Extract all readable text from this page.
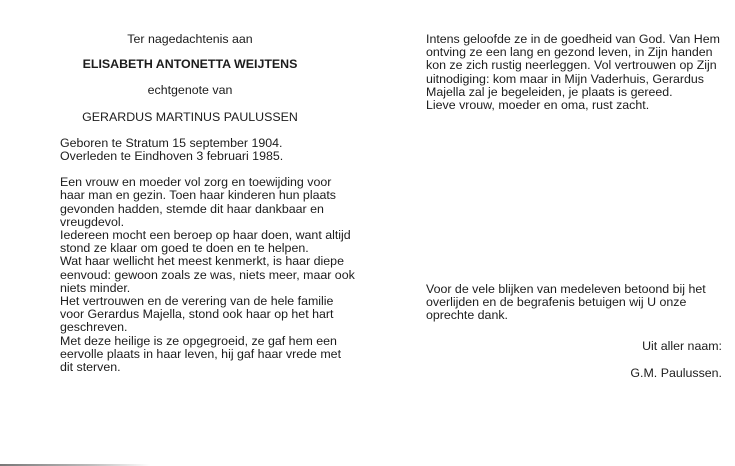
Ter nagedachtenis aan

ELISABETH ANTONETTA WEIJTENS

echtgenote van

GERARDUS MARTINUS PAULUSSEN

Geboren te Stratum 15 september 1904.

Overleden te Eindhoven 3 februari 1985.

Een vrouw en moeder vol zorg en toewijding voor
haar man en gezin. Toen haar kinderen hun plaats
gevonden hadden, stemde dit haar dankbaar en
vreugdevol.
Iedereen mocht een beroep op haar doen, want altijd
stond ze klaar om goed te doen en te helpen.
Wat haar wellicht het meest kenmerkt, is haar diepe
eenvoud: gewoon zoals ze was, niets meer, maar ook
niets minder.
Het vertrouwen en de verering van de hele familie
voor Gerardus Majella, stond ook haar op het hart
geschreven.
Met deze heilige is ze opgegroeid, ze gaf hem een
eervolle plaats in haar leven, hij gaf haar vrede met
dit sterven.
Intens geloofde ze in de goedheid van God. Van Hem
ontving ze een lang en gezond leven, in Zijn handen
kon ze zich rustig neerleggen. Vol vertrouwen op Zijn
uitnodiging: kom maar in Mijn Vaderhuis, Gerardus
Majella zal je begeleiden, je plaats is gereed.
Lieve vrouw, moeder en oma, rust zacht.
Voor de vele blijken van medeleven betoond bij het
overlijden en de begrafenis betuigen wij U onze
oprechte dank.
Uit aller naam:
G.M. Paulussen.
